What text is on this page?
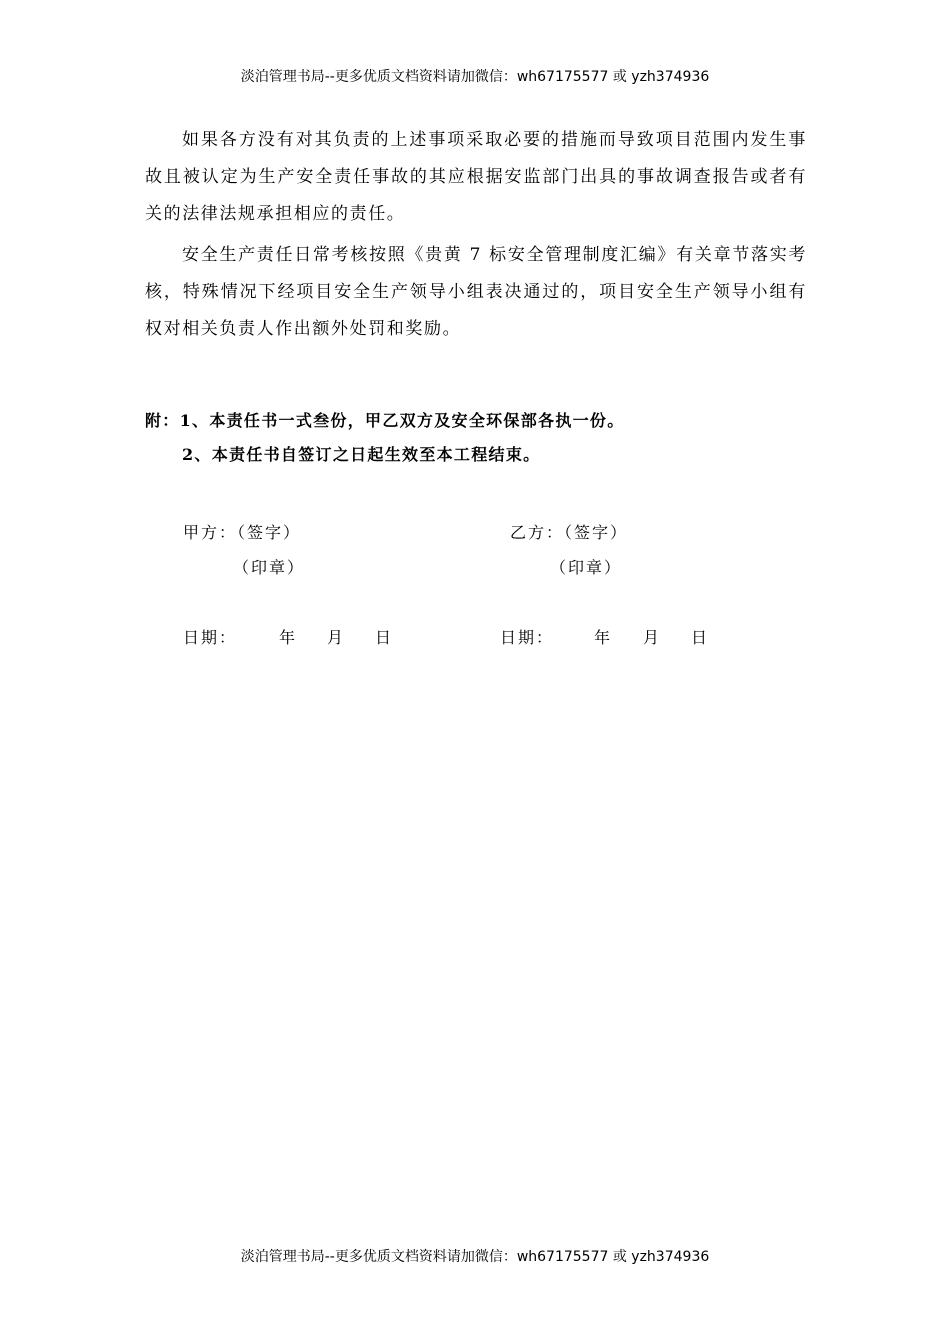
淡泊管理书局--更多优质文档资料请加微信：wh67175577 或 yzh374936
如果各方没有对其负责的上述事项采取必要的措施而导致项目范围内发生事故且被认定为生产安全责任事故的其应根据安监部门出具的事故调查报告或者有关的法律法规承担相应的责任。
安全生产责任日常考核按照《贵黄 7 标安全管理制度汇编》有关章节落实考核，特殊情况下经项目安全生产领导小组表决通过的，项目安全生产领导小组有权对相关负责人作出额外处罚和奖励。
附：1、本责任书一式叁份，甲乙双方及安全环保部各执一份。
2、本责任书自签订之日起生效至本工程结束。
甲方：（签字）
（印章）
乙方：（签字）
（印章）
日期：	年 月 日	日期： 年 月 日
淡泊管理书局--更多优质文档资料请加微信：wh67175577 或 yzh374936
